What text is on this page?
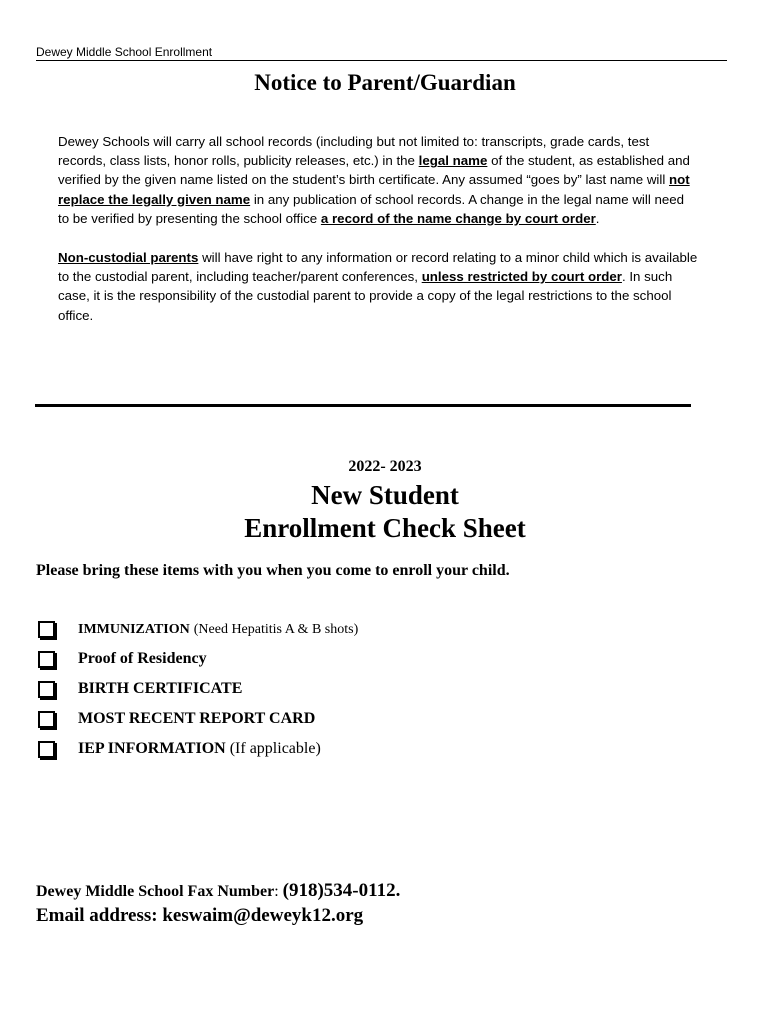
Dewey Middle School Enrollment
Notice to Parent/Guardian
Dewey Schools will carry all school records (including but not limited to: transcripts, grade cards, test records, class lists, honor rolls, publicity releases, etc.) in the legal name of the student, as established and verified by the given name listed on the student’s birth certificate. Any assumed “goes by” last name will not replace the legally given name in any publication of school records. A change in the legal name will need to be verified by presenting the school office a record of the name change by court order.
Non-custodial parents will have right to any information or record relating to a minor child which is available to the custodial parent, including teacher/parent conferences, unless restricted by court order. In such case, it is the responsibility of the custodial parent to provide a copy of the legal restrictions to the school office.
2022- 2023
New Student
Enrollment Check Sheet
Please bring these items with you when you come to enroll your child.
IMMUNIZATION (Need Hepatitis A & B shots)
Proof of Residency
BIRTH CERTIFICATE
MOST RECENT REPORT CARD
IEP INFORMATION (If applicable)
Dewey Middle School Fax Number: (918)534-0112.
Email address: keswaim@deweyk12.org
